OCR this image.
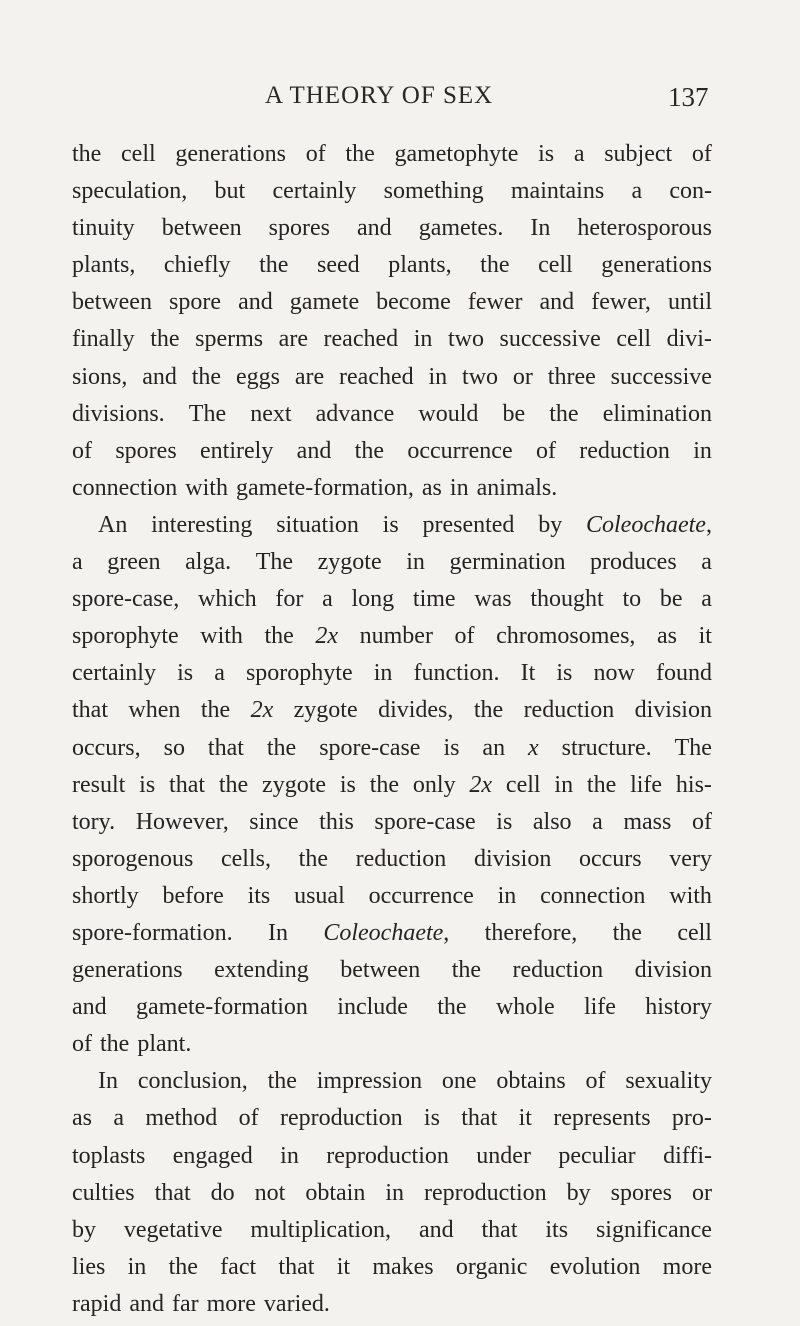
A THEORY OF SEX	137
the cell generations of the gametophyte is a subject of
speculation, but certainly something maintains a con-
tinuity between spores and gametes. In heterosporous
plants, chiefly the seed plants, the cell generations
between spore and gamete become fewer and fewer, until
finally the sperms are reached in two successive cell divi-
sions, and the eggs are reached in two or three successive
divisions. The next advance would be the elimination
of spores entirely and the occurrence of reduction in
connection with gamete-formation, as in animals.
An interesting situation is presented by Coleochaete,
a green alga. The zygote in germination produces a
spore-case, which for a long time was thought to be a
sporophyte with the 2x number of chromosomes, as it
certainly is a sporophyte in function. It is now found
that when the 2x zygote divides, the reduction division
occurs, so that the spore-case is an x structure. The
result is that the zygote is the only 2x cell in the life his-
tory. However, since this spore-case is also a mass of
sporogenous cells, the reduction division occurs very
shortly before its usual occurrence in connection with
spore-formation. In Coleochaete, therefore, the cell
generations extending between the reduction division
and gamete-formation include the whole life history
of the plant.
In conclusion, the impression one obtains of sexuality
as a method of reproduction is that it represents pro-
toplasts engaged in reproduction under peculiar diffi-
culties that do not obtain in reproduction by spores or
by vegetative multiplication, and that its significance
lies in the fact that it makes organic evolution more
rapid and far more varied.
